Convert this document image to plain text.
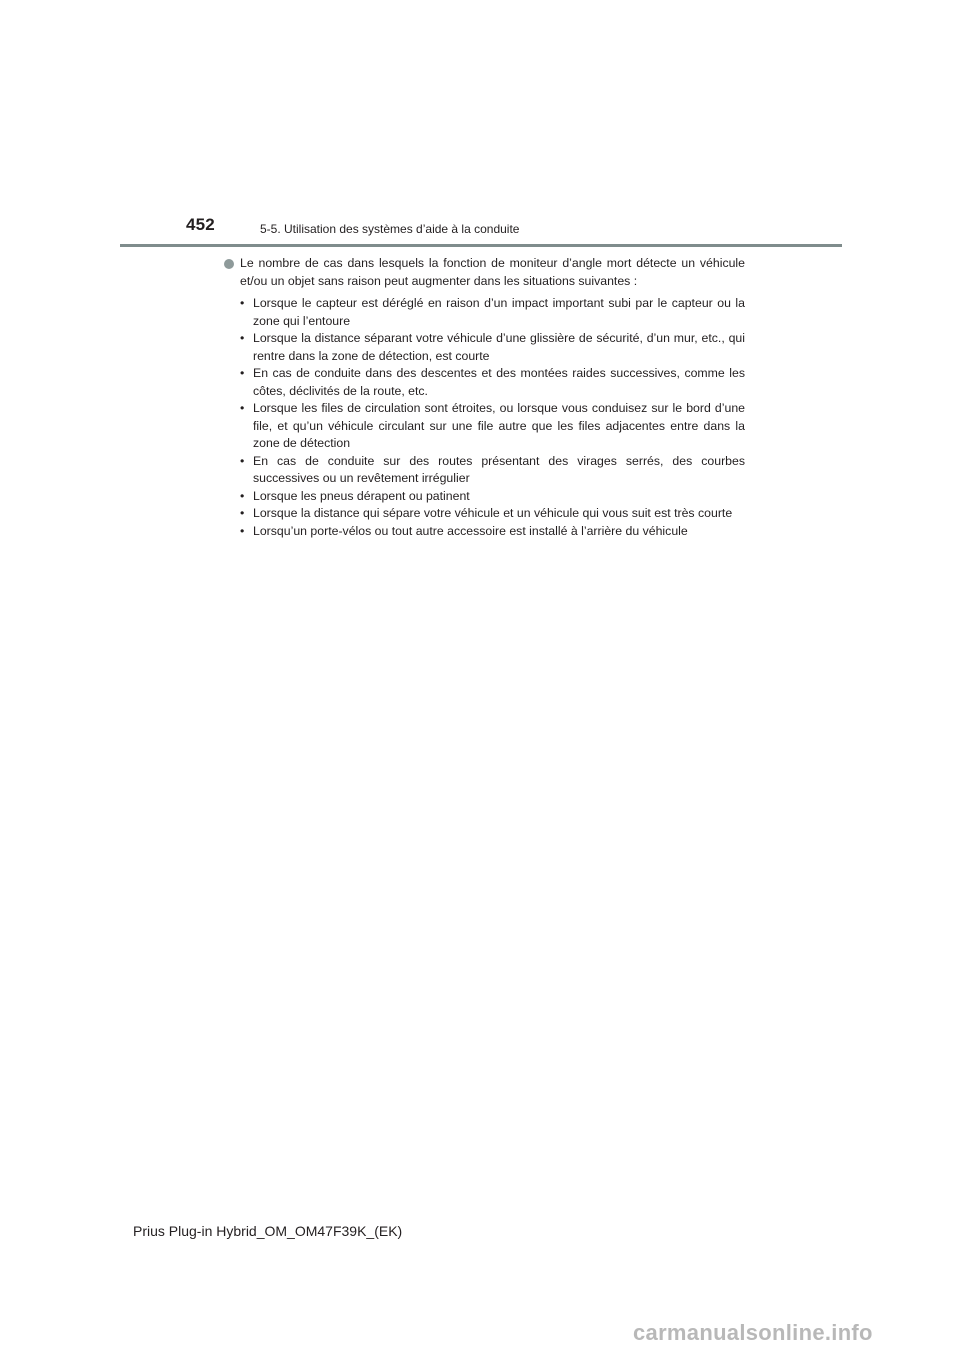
452	5-5. Utilisation des systèmes d’aide à la conduite
Le nombre de cas dans lesquels la fonction de moniteur d’angle mort détecte un véhicule et/ou un objet sans raison peut augmenter dans les situations suivantes :
• Lorsque le capteur est déréglé en raison d’un impact important subi par le capteur ou la zone qui l’entoure
• Lorsque la distance séparant votre véhicule d’une glissière de sécurité, d’un mur, etc., qui rentre dans la zone de détection, est courte
• En cas de conduite dans des descentes et des montées raides successives, comme les côtes, déclivités de la route, etc.
• Lorsque les files de circulation sont étroites, ou lorsque vous conduisez sur le bord d’une file, et qu’un véhicule circulant sur une file autre que les files adjacentes entre dans la zone de détection
• En cas de conduite sur des routes présentant des virages serrés, des courbes successives ou un revêtement irrégulier
• Lorsque les pneus dérapent ou patinent
• Lorsque la distance qui sépare votre véhicule et un véhicule qui vous suit est très courte
• Lorsqu’un porte-vélos ou tout autre accessoire est installé à l’arrière du véhicule
Prius Plug-in Hybrid_OM_OM47F39K_(EK)
carmanualsonline.info
